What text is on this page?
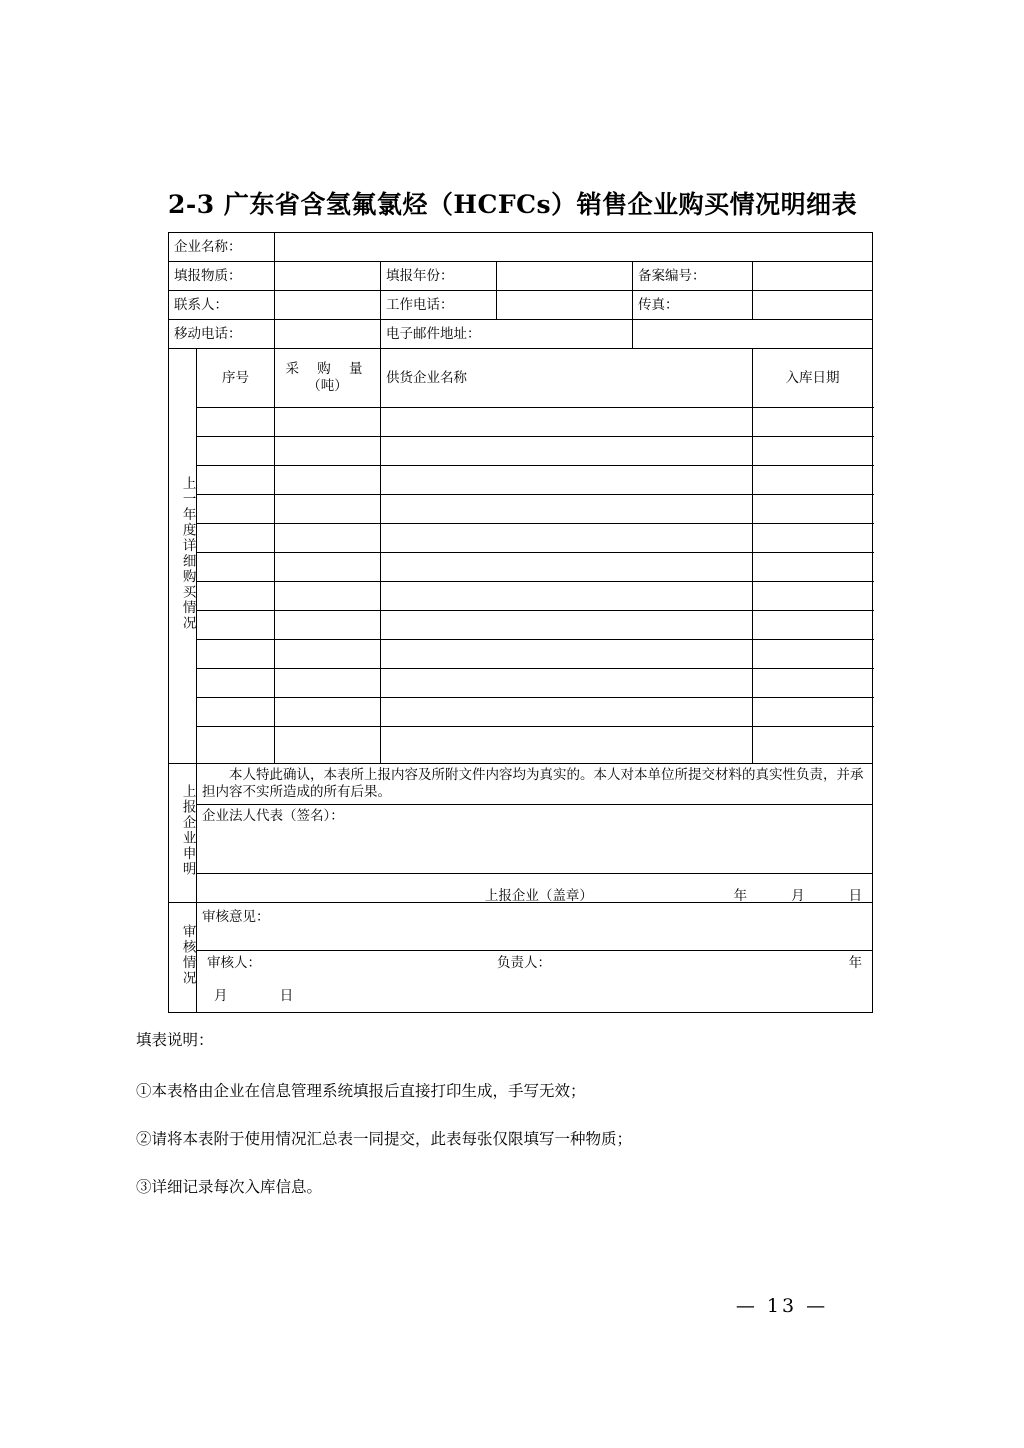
2-3 广东省含氢氟氯烃（HCFCs）销售企业购买情况明细表
企业名称：						
填报物质：			填报年份：		备案编号：	
联系人：			工作电话：		传真：	
移动电话：			电子邮件地址：			
上一年度详细购买情况	序号	采 购 量
（吨）	供货企业名称			入库日期

上报企业申明	本人特此确认，本表所上报内容及所附文件内容均为真实的。本人对本单位所提交材料的真实性负责，并承担内容不实所造成的所有后果。					
	企业法人代表（签名）：					

	上报企业（盖章） 年 月 日					

审核情况	审核意见：					

	审核人： 负责人： 年					

	月 日					

填表说明：

①本表格由企业在信息管理系统填报后直接打印生成，手写无效；

②请将本表附于使用情况汇总表一同提交，此表每张仅限填写一种物质；

③详细记录每次入库信息。

— 13 —
